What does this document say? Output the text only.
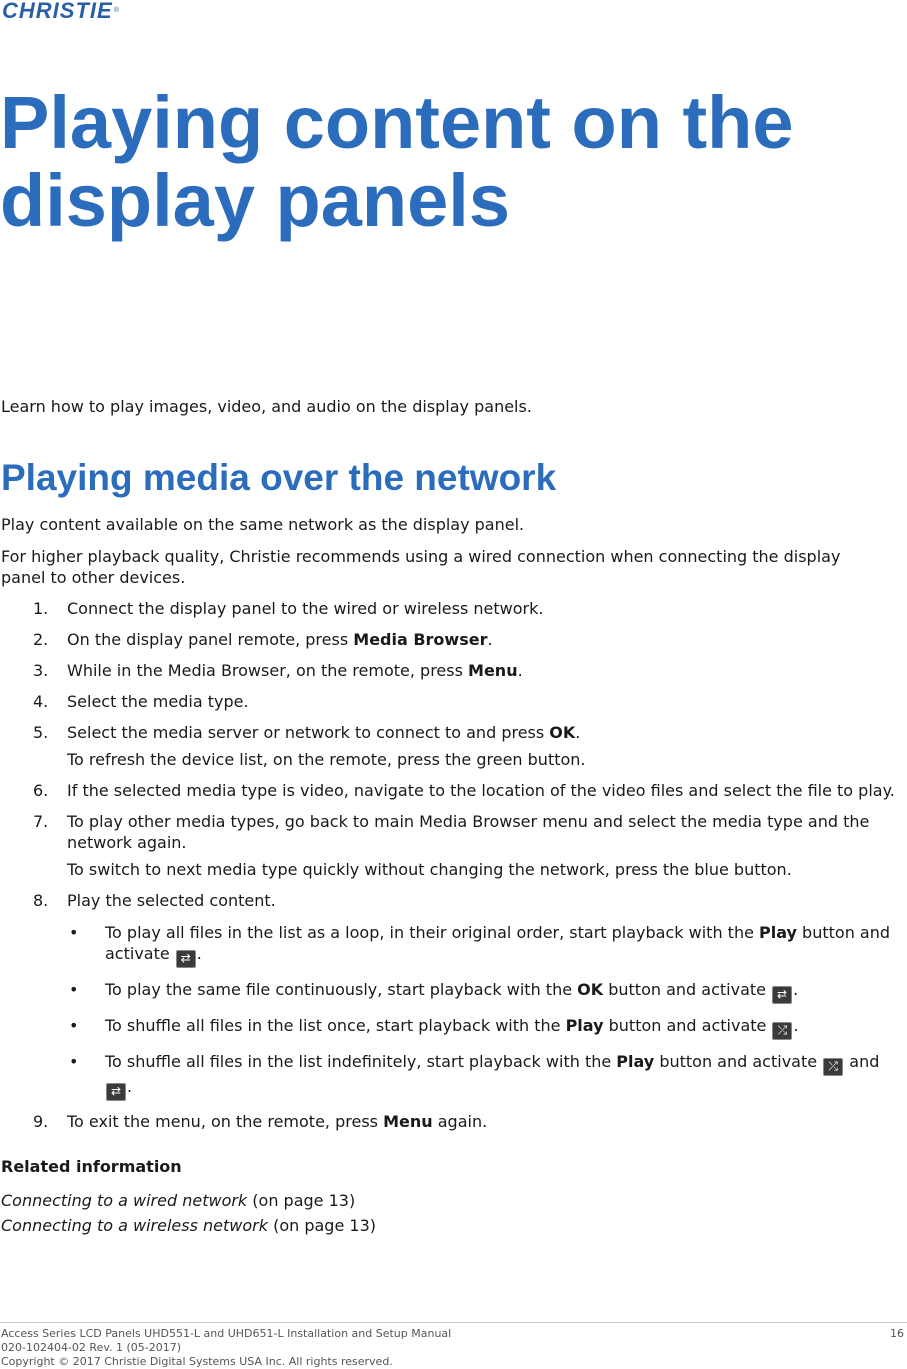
CHRISTIE®
Playing content on the
display panels

Learn how to play images, video, and audio on the display panels.

Playing media over the network

Play content available on the same network as the display panel.

For higher playback quality, Christie recommends using a wired connection when connecting the display panel to other devices.

1. Connect the display panel to the wired or wireless network.
2. On the display panel remote, press Media Browser.
3. While in the Media Browser, on the remote, press Menu.
4. Select the media type.
5. Select the media server or network to connect to and press OK.
To refresh the device list, on the remote, press the green button.
6. If the selected media type is video, navigate to the location of the video files and select the file to play.
7. To play other media types, go back to main Media Browser menu and select the media type and the network again.
To switch to next media type quickly without changing the network, press the blue button.
8. Play the selected content.
• To play all files in the list as a loop, in their original order, start playback with the Play button and activate ⇄ .
• To play the same file continuously, start playback with the OK button and activate ⇄ .
• To shuffle all files in the list once, start playback with the Play button and activate ⤮ .
• To shuffle all files in the list indefinitely, start playback with the Play button and activate ⤮ and ⇄ .
9. To exit the menu, on the remote, press Menu again.

Related information

Connecting to a wired network (on page 13)

Connecting to a wireless network (on page 13)

Access Series LCD Panels UHD551-L and UHD651-L Installation and Setup Manual

020-102404-02 Rev. 1 (05-2017)

Copyright © 2017 Christie Digital Systems USA Inc. All rights reserved.

16
